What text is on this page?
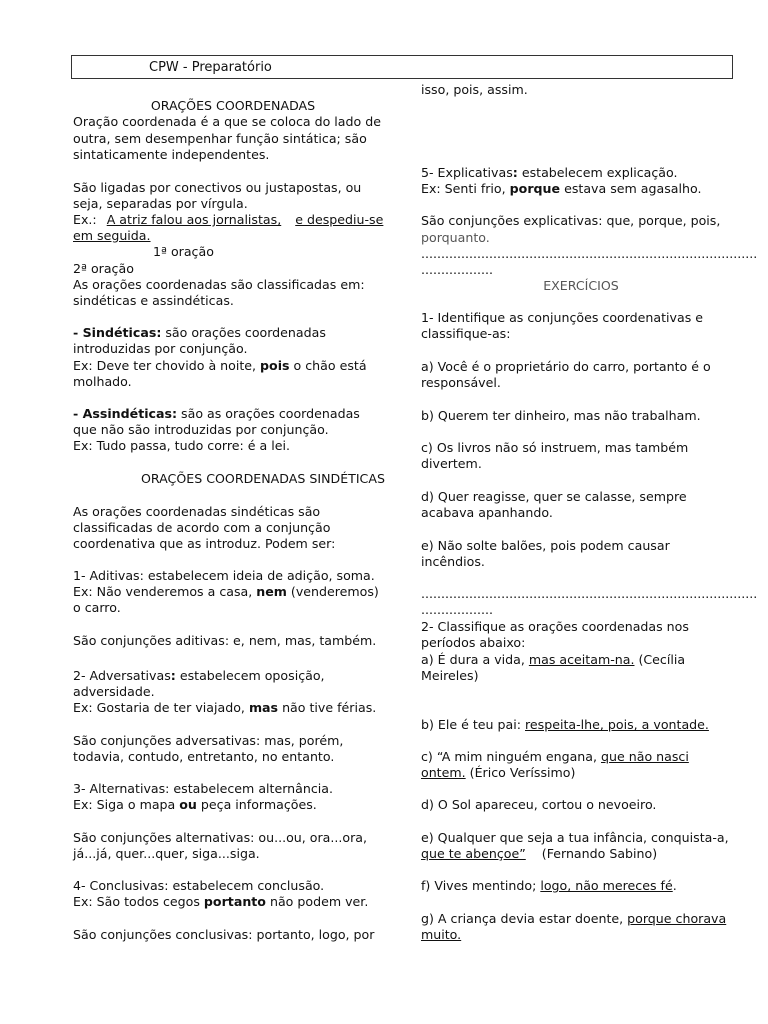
CPW - Preparatório
ORAÇÕES COORDENADAS
Oração coordenada é a que se coloca do lado de
outra, sem desempenhar função sintática; são
sintaticamente independentes.
São ligadas por conectivos ou justapostas, ou
seja, separadas por vírgula.
Ex.: A atriz falou aos jornalistas, e despediu-se
em seguida.
1ª oração
2ª oração
As orações coordenadas são classificadas em:
sindéticas e assindéticas.
- Sindéticas: são orações coordenadas
introduzidas por conjunção.
Ex: Deve ter chovido à noite, pois o chão está
molhado.
- Assindéticas: são as orações coordenadas
que não são introduzidas por conjunção.
Ex: Tudo passa, tudo corre: é a lei.
ORAÇÕES COORDENADAS SINDÉTICAS
As orações coordenadas sindéticas são
classificadas de acordo com a conjunção
coordenativa que as introduz. Podem ser:
1- Aditivas: estabelecem ideia de adição, soma.
Ex: Não venderemos a casa, nem (venderemos)
o carro.
São conjunções aditivas: e, nem, mas, também.
2- Adversativas: estabelecem oposição,
adversidade.
Ex: Gostaria de ter viajado, mas não tive férias.
São conjunções adversativas: mas, porém,
todavia, contudo, entretanto, no entanto.
3- Alternativas: estabelecem alternância.
Ex: Siga o mapa ou peça informações.
São conjunções alternativas: ou...ou, ora...ora,
já...já, quer...quer, siga...siga.
4- Conclusivas: estabelecem conclusão.
Ex: São todos cegos portanto não podem ver.
São conjunções conclusivas: portanto, logo, por
isso, pois, assim.
5- Explicativas: estabelecem explicação.
Ex: Senti frio, porque estava sem agasalho.
São conjunções explicativas: que, porque, pois,
porquanto.
....................................................................................
..................
EXERCÍCIOS
1- Identifique as conjunções coordenativas e
classifique-as:
a) Você é o proprietário do carro, portanto é o
responsável.
b) Querem ter dinheiro, mas não trabalham.
c) Os livros não só instruem, mas também
divertem.
d) Quer reagisse, quer se calasse, sempre
acabava apanhando.
e) Não solte balões, pois podem causar
incêndios.
....................................................................................
..................
2- Classifique as orações coordenadas nos
períodos abaixo:
a) É dura a vida, mas aceitam-na. (Cecília
Meireles)
b) Ele é teu pai: respeita-lhe, pois, a vontade.
c) “A mim ninguém engana, que não nasci
ontem. (Érico Veríssimo)
d) O Sol apareceu, cortou o nevoeiro.
e) Qualquer que seja a tua infância, conquista-a,
que te abençoe”    (Fernando Sabino)
f) Vives mentindo; logo, não mereces fé.
g) A criança devia estar doente, porque chorava
muito.
